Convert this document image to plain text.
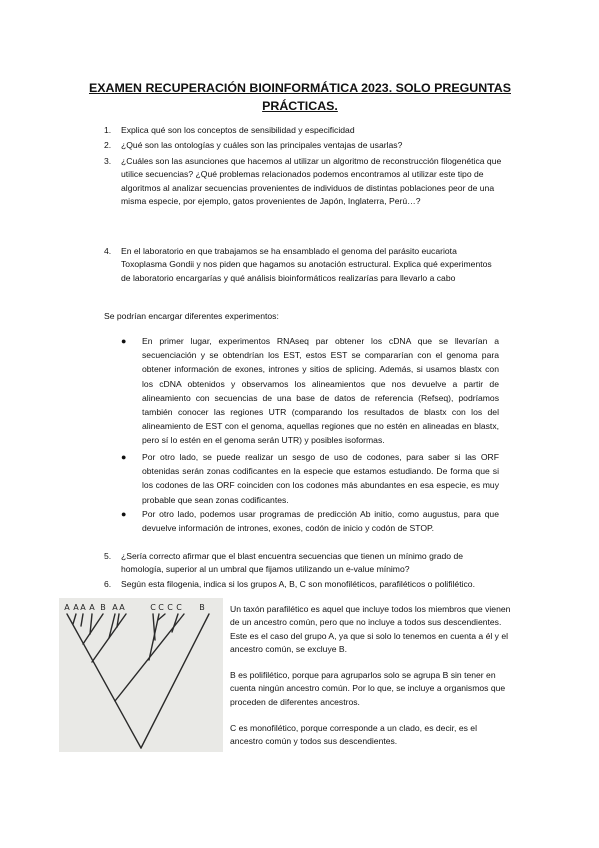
EXAMEN RECUPERACIÓN BIOINFORMÁTICA 2023. SOLO PREGUNTAS
PRÁCTICAS.
1. Explica qué son los conceptos de sensibilidad y especificidad
2. ¿Qué son las ontologías y cuáles son las principales ventajas de usarlas?
3. ¿Cuáles son las asunciones que hacemos al utilizar un algoritmo de reconstrucción filogenética que utilice secuencias? ¿Qué problemas relacionados podemos encontramos al utilizar este tipo de algoritmos al analizar secuencias provenientes de individuos de distintas poblaciones peor de una misma especie, por ejemplo, gatos provenientes de Japón, Inglaterra, Perú…?
4. En el laboratorio en que trabajamos se ha ensamblado el genoma del parásito eucariota Toxoplasma Gondii y nos piden que hagamos su anotación estructural. Explica qué experimentos de laboratorio encargarías y qué análisis bioinformáticos realizarías para llevarlo a cabo
Se podrían encargar diferentes experimentos:
● En primer lugar, experimentos RNAseq par obtener los cDNA que se llevarían a secuenciación y se obtendrían los EST, estos EST se compararían con el genoma para obtener información de exones, intrones y sitios de splicing. Además, si usamos blastx con los cDNA obtenidos y observamos los alineamientos que nos devuelve a partir de alineamiento con secuencias de una base de datos de referencia (Refseq), podríamos también conocer las regiones UTR (comparando los resultados de blastx con los del alineamiento de EST con el genoma, aquellas regiones que no estén en alineadas en blastx, pero sí lo estén en el genoma serán UTR) y posibles isoformas.
● Por otro lado, se puede realizar un sesgo de uso de codones, para saber si las ORF obtenidas serán zonas codificantes en la especie que estamos estudiando. De forma que si los codones de las ORF coinciden con los codones más abundantes en esa especie, es muy probable que sean zonas codificantes.
● Por otro lado, podemos usar programas de predicción Ab initio, como augustus, para que devuelve información de intrones, exones, codón de inicio y codón de STOP.
5. ¿Sería correcto afirmar que el blast encuentra secuencias que tienen un mínimo grado de homología, superior al un umbral que fijamos utilizando un e-value mínimo?
6. Según esta filogenia, indica si los grupos A, B, C son monofiléticos, parafiléticos o polifilético.
A A A A B A A	C C C C B	Un taxón parafilético es aquel que incluye todos los miembros que vienen de un ancestro común, pero que no incluye a todos sus descendientes. Este es el caso del grupo A, ya que si solo lo tenemos en cuenta a él y el ancestro común, se excluye B.
B es polifilético, porque para agruparlos solo se agrupa B sin tener en cuenta ningún ancestro común. Por lo que, se incluye a organismos que proceden de diferentes ancestros.
C es monofilético, porque corresponde a un clado, es decir, es el ancestro común y todos sus descendientes.
